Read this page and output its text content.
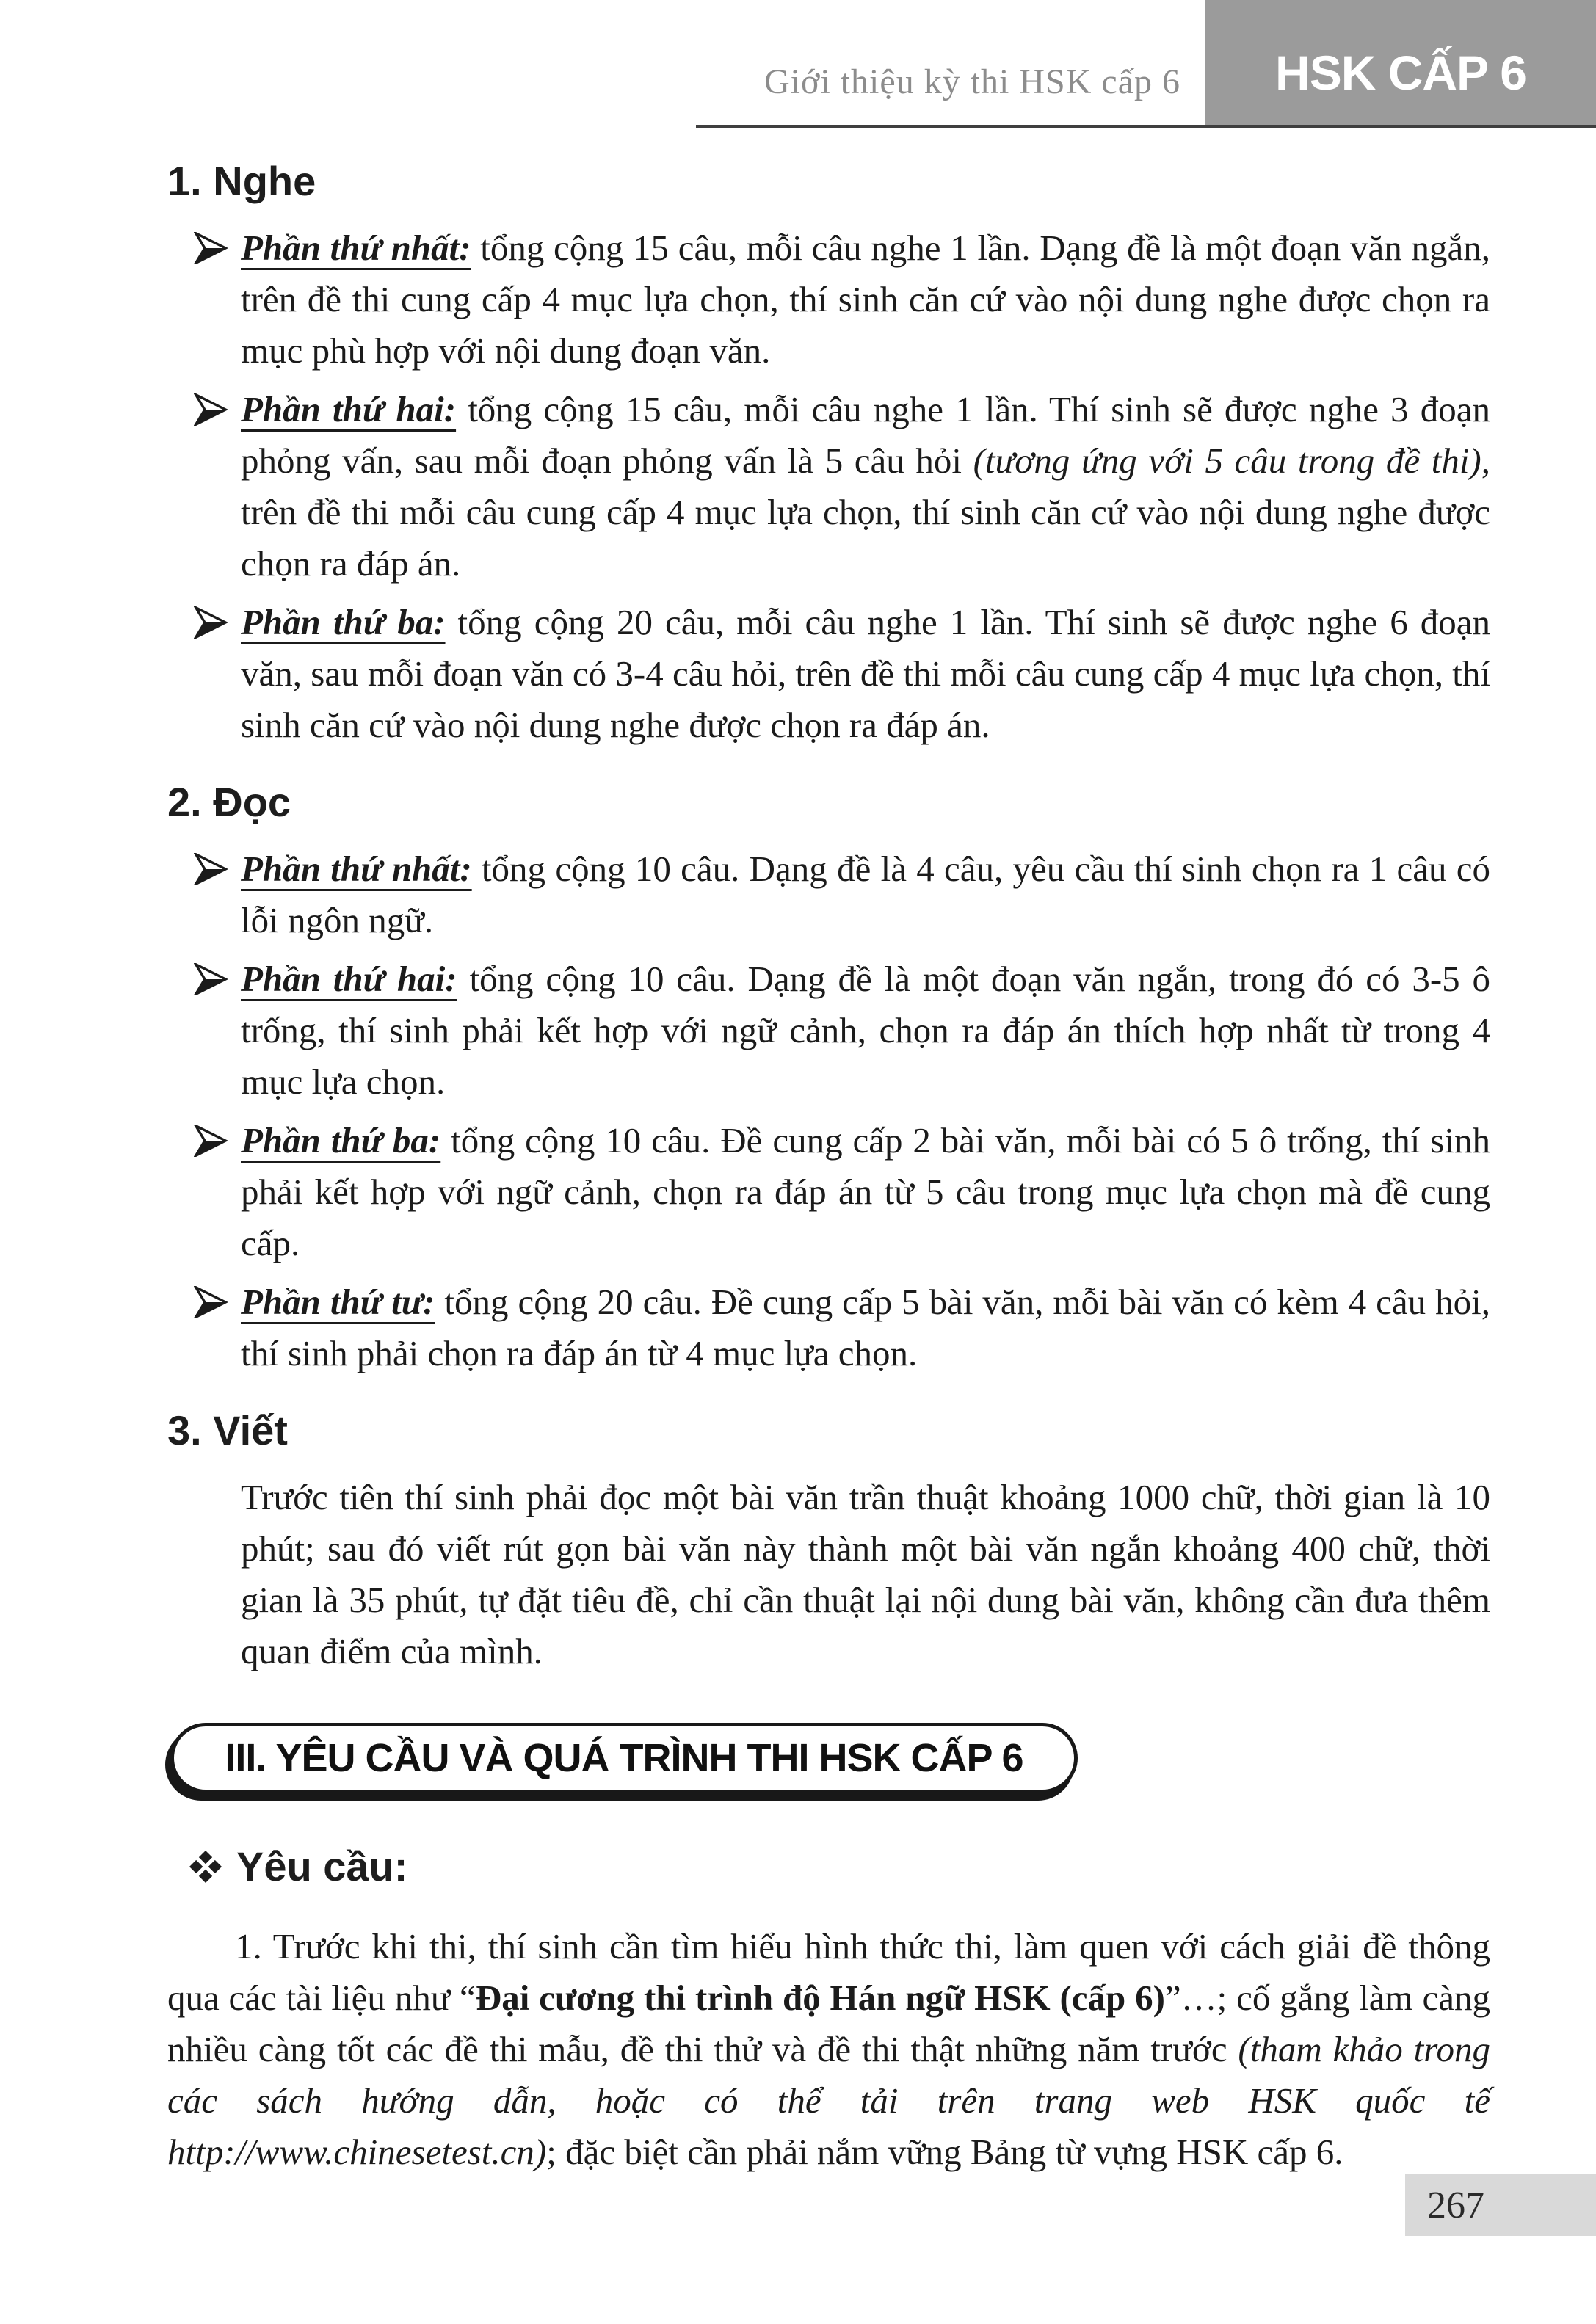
Giới thiệu kỳ thi HSK cấp 6	HSK CẤP 6
1. Nghe
Phần thứ nhất: tổng cộng 15 câu, mỗi câu nghe 1 lần. Dạng đề là một đoạn văn ngắn, trên đề thi cung cấp 4 mục lựa chọn, thí sinh căn cứ vào nội dung nghe được chọn ra mục phù hợp với nội dung đoạn văn.
Phần thứ hai: tổng cộng 15 câu, mỗi câu nghe 1 lần. Thí sinh sẽ được nghe 3 đoạn phỏng vấn, sau mỗi đoạn phỏng vấn là 5 câu hỏi (tương ứng với 5 câu trong đề thi), trên đề thi mỗi câu cung cấp 4 mục lựa chọn, thí sinh căn cứ vào nội dung nghe được chọn ra đáp án.
Phần thứ ba: tổng cộng 20 câu, mỗi câu nghe 1 lần. Thí sinh sẽ được nghe 6 đoạn văn, sau mỗi đoạn văn có 3-4 câu hỏi, trên đề thi mỗi câu cung cấp 4 mục lựa chọn, thí sinh căn cứ vào nội dung nghe được chọn ra đáp án.
2. Đọc
Phần thứ nhất: tổng cộng 10 câu. Dạng đề là 4 câu, yêu cầu thí sinh chọn ra 1 câu có lỗi ngôn ngữ.
Phần thứ hai: tổng cộng 10 câu. Dạng đề là một đoạn văn ngắn, trong đó có 3-5 ô trống, thí sinh phải kết hợp với ngữ cảnh, chọn ra đáp án thích hợp nhất từ trong 4 mục lựa chọn.
Phần thứ ba: tổng cộng 10 câu. Đề cung cấp 2 bài văn, mỗi bài có 5 ô trống, thí sinh phải kết hợp với ngữ cảnh, chọn ra đáp án từ 5 câu trong mục lựa chọn mà đề cung cấp.
Phần thứ tư: tổng cộng 20 câu. Đề cung cấp 5 bài văn, mỗi bài văn có kèm 4 câu hỏi, thí sinh phải chọn ra đáp án từ 4 mục lựa chọn.
3. Viết

Trước tiên thí sinh phải đọc một bài văn trần thuật khoảng 1000 chữ, thời gian là 10 phút; sau đó viết rút gọn bài văn này thành một bài văn ngắn khoảng 400 chữ, thời gian là 35 phút, tự đặt tiêu đề, chỉ cần thuật lại nội dung bài văn, không cần đưa thêm quan điểm của mình.

III. YÊU CẦU VÀ QUÁ TRÌNH THI HSK CẤP 6
Yêu cầu:

1. Trước khi thi, thí sinh cần tìm hiểu hình thức thi, làm quen với cách giải đề thông qua các tài liệu như “Đại cương thi trình độ Hán ngữ HSK (cấp 6)”…; cố gắng làm càng nhiều càng tốt các đề thi mẫu, đề thi thử và đề thi thật những năm trước (tham khảo trong các sách hướng dẫn, hoặc có thể tải trên trang web HSK quốc tế http://www.chinesetest.cn); đặc biệt cần phải nắm vững Bảng từ vựng HSK cấp 6.

267
